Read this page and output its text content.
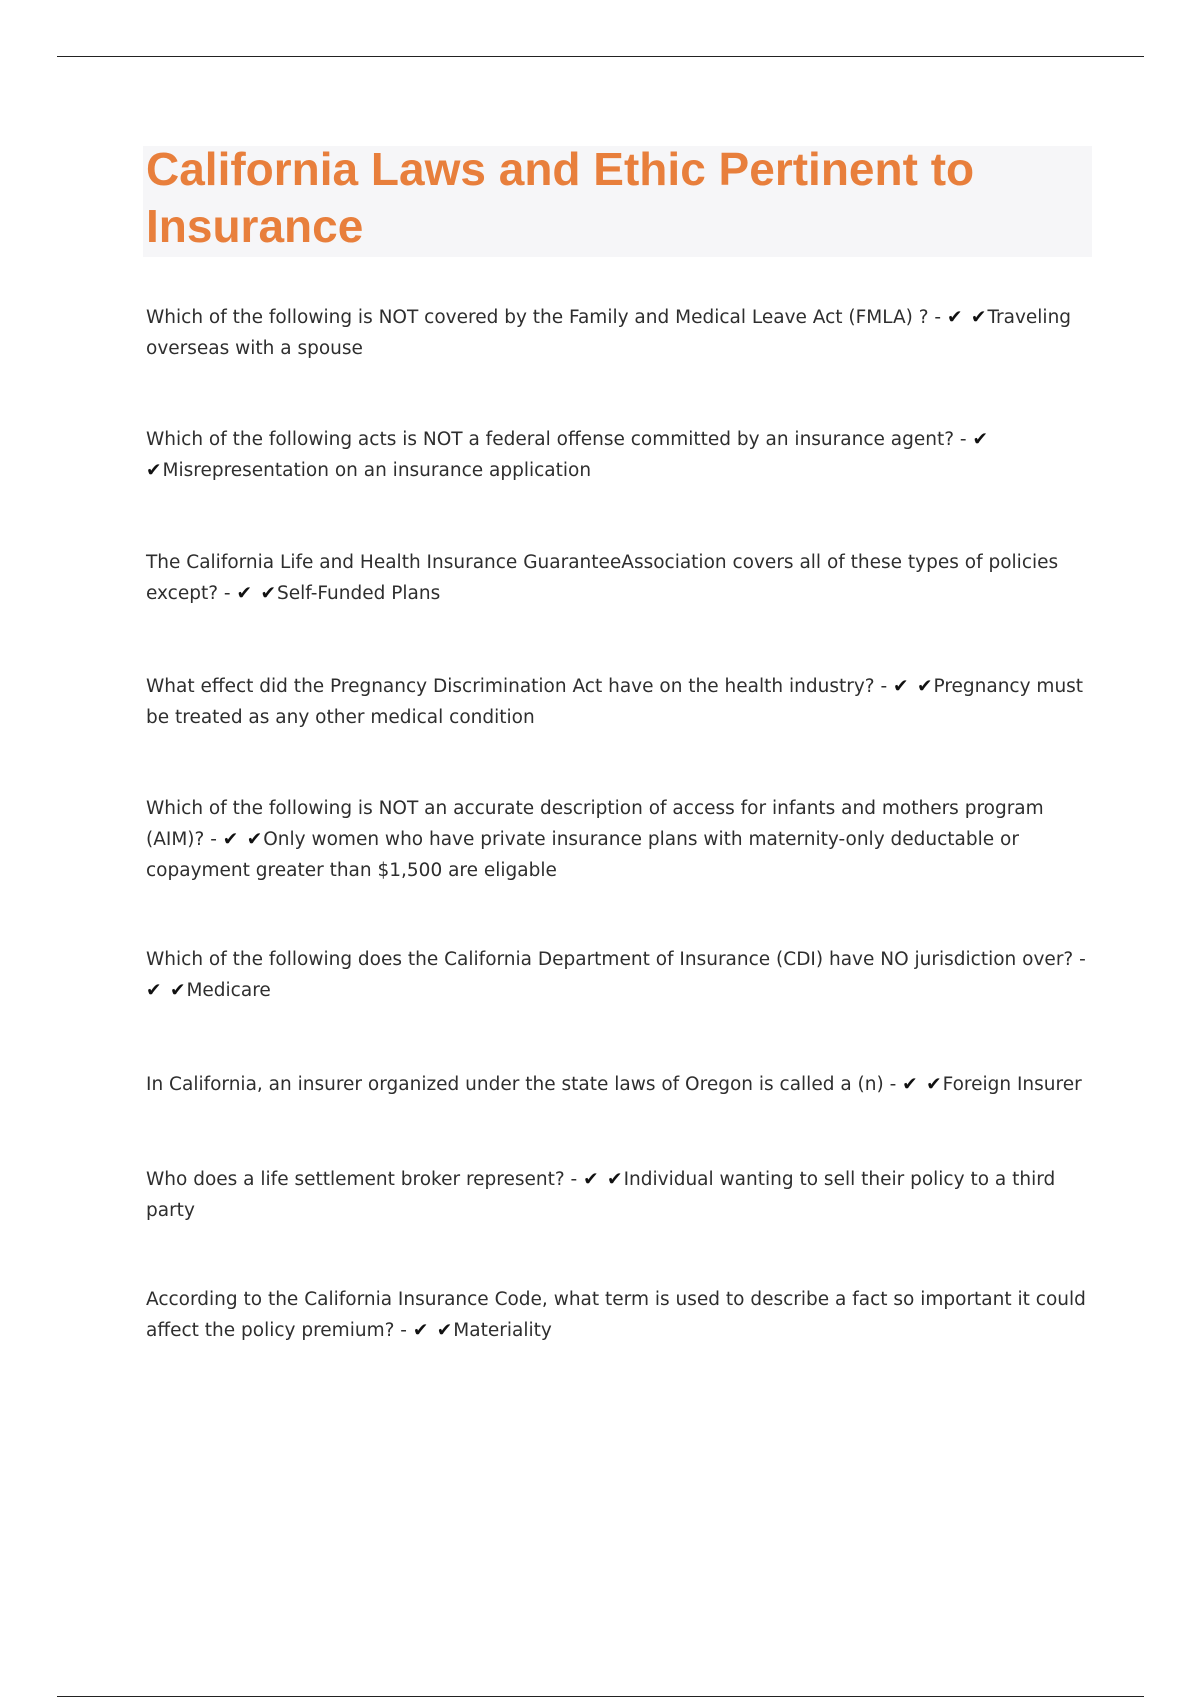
California Laws and Ethic Pertinent to Insurance

Which of the following is NOT covered by the Family and Medical Leave Act (FMLA) ? - ✔ ✔Traveling overseas with a spouse

Which of the following acts is NOT a federal offense committed by an insurance agent? - ✔ ✔Misrepresentation on an insurance application

The California Life and Health Insurance GuaranteeAssociation covers all of these types of policies except? - ✔ ✔Self-Funded Plans

What effect did the Pregnancy Discrimination Act have on the health industry? - ✔ ✔Pregnancy must be treated as any other medical condition

Which of the following is NOT an accurate description of access for infants and mothers program (AIM)? - ✔ ✔Only women who have private insurance plans with maternity-only deductable or copayment greater than $1,500 are eligable

Which of the following does the California Department of Insurance (CDI) have NO jurisdiction over? - ✔ ✔Medicare

In California, an insurer organized under the state laws of Oregon is called a (n) - ✔ ✔Foreign Insurer

Who does a life settlement broker represent? - ✔ ✔Individual wanting to sell their policy to a third party

According to the California Insurance Code, what term is used to describe a fact so important it could affect the policy premium? - ✔ ✔Materiality
